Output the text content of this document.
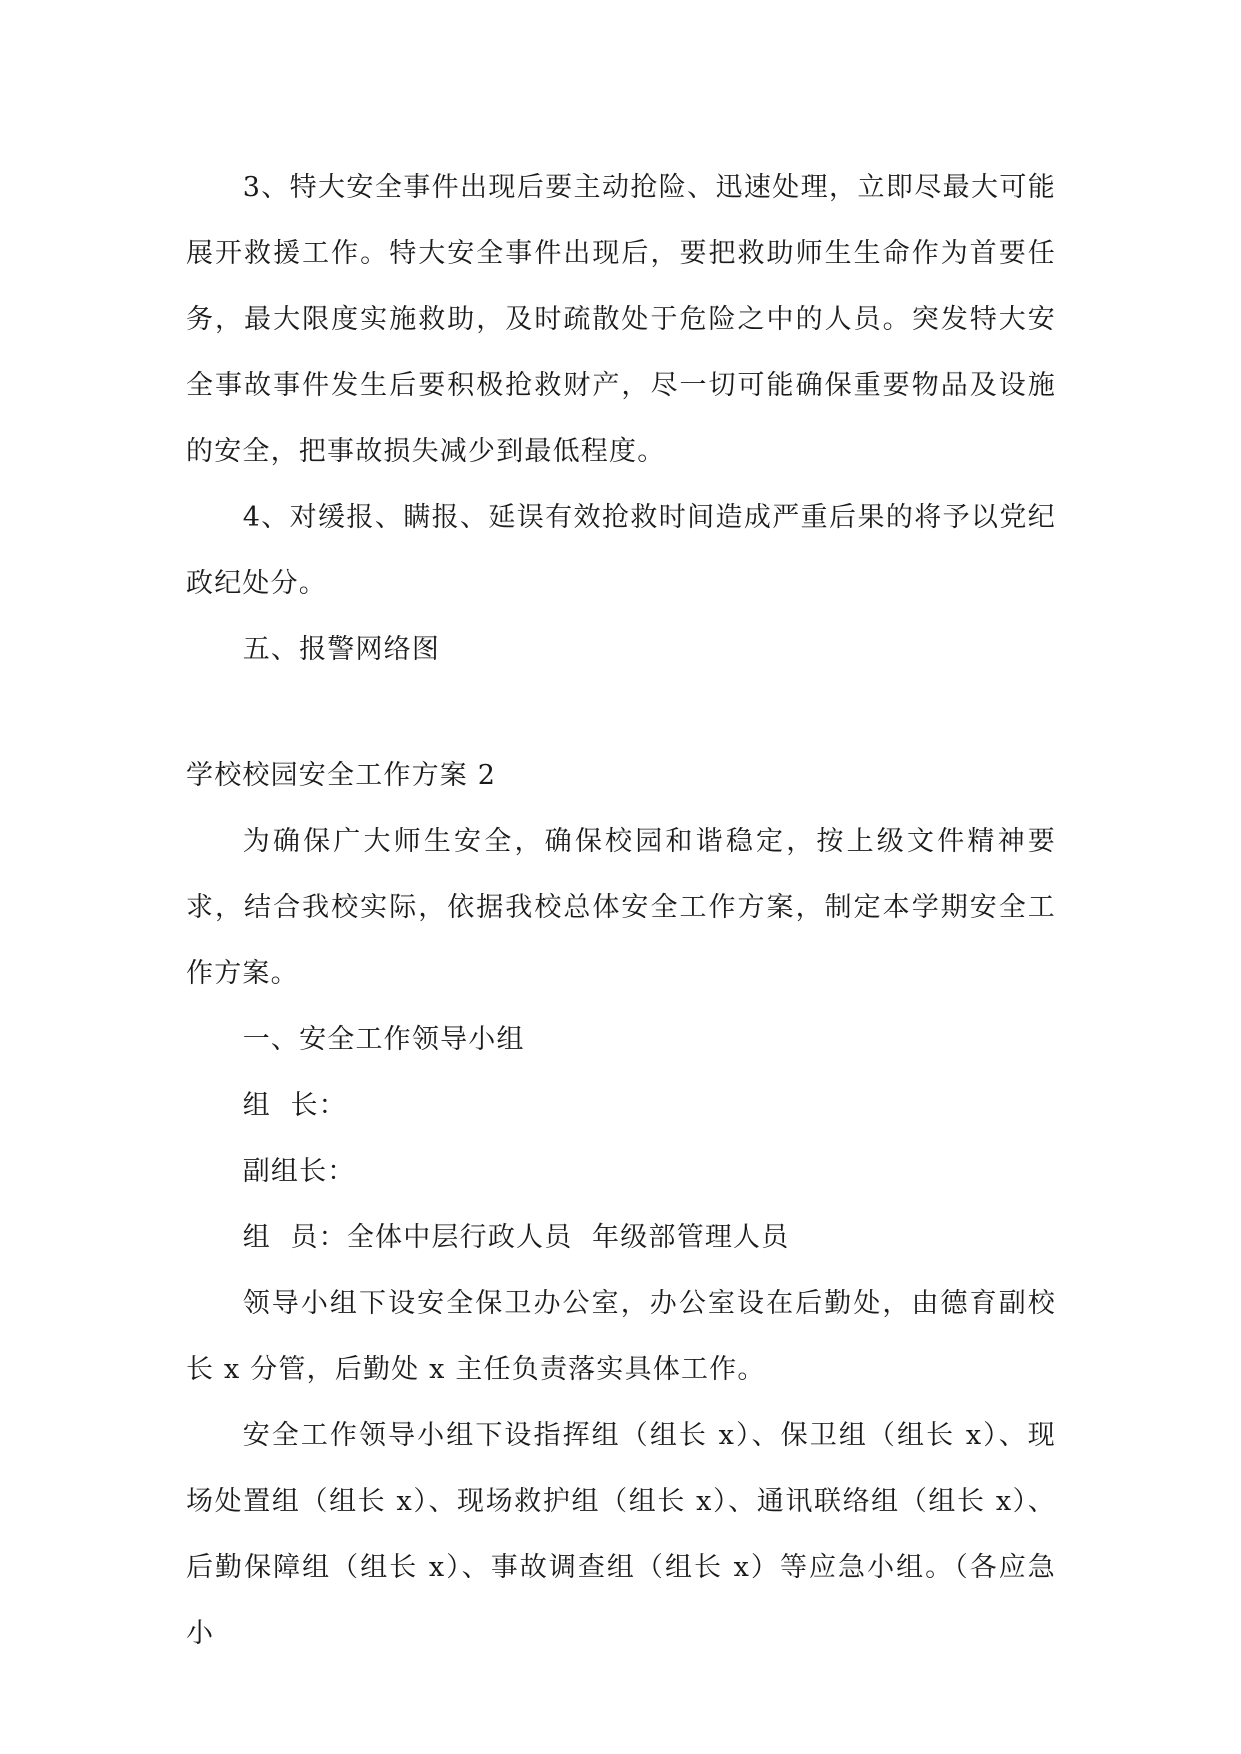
3、特大安全事件出现后要主动抢险、迅速处理，立即尽最大可能展开救援工作。特大安全事件出现后，要把救助师生生命作为首要任务，最大限度实施救助，及时疏散处于危险之中的人员。突发特大安全事故事件发生后要积极抢救财产，尽一切可能确保重要物品及设施的安全，把事故损失减少到最低程度。

4、对缓报、瞒报、延误有效抢救时间造成严重后果的将予以党纪政纪处分。

五、报警网络图

学校校园安全工作方案 2

为确保广大师生安全，确保校园和谐稳定，按上级文件精神要求，结合我校实际，依据我校总体安全工作方案，制定本学期安全工作方案。

一、安全工作领导小组

组  长：

副组长：

组  员：全体中层行政人员  年级部管理人员

领导小组下设安全保卫办公室，办公室设在后勤处，由德育副校长 x 分管，后勤处 x 主任负责落实具体工作。

安全工作领导小组下设指挥组（组长 x）、保卫组（组长 x）、现场处置组（组长 x）、现场救护组（组长 x）、通讯联络组（组长 x）、后勤保障组（组长 x）、事故调查组（组长 x）等应急小组。（各应急小
